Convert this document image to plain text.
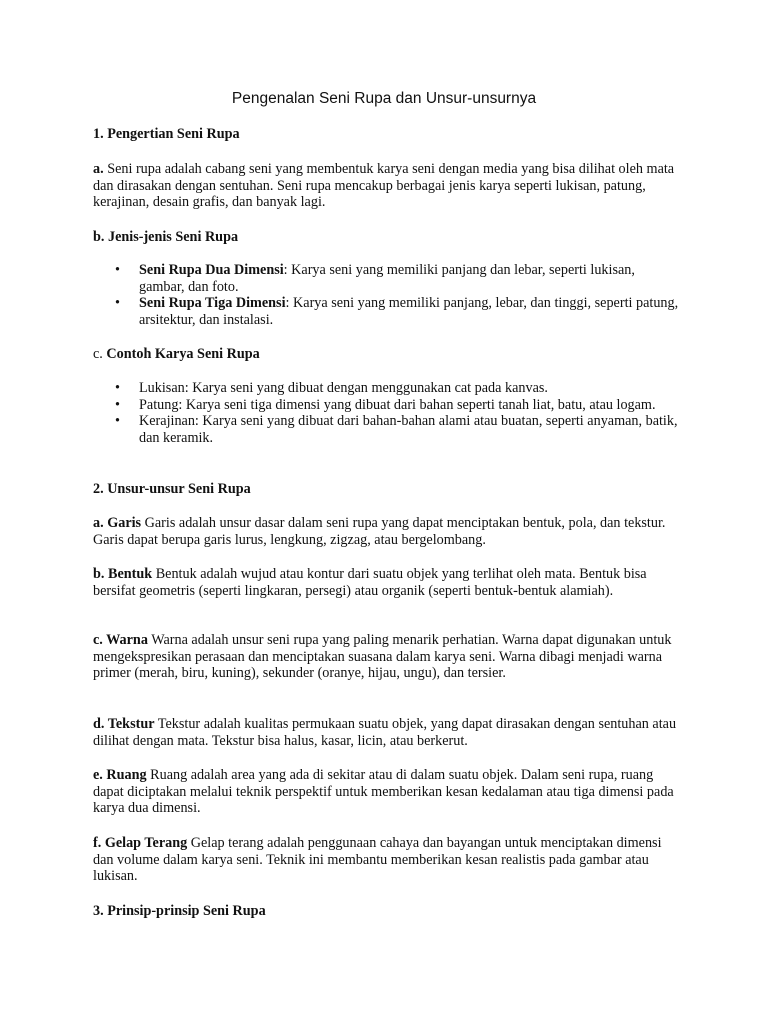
Pengenalan Seni Rupa dan Unsur-unsurnya

1. Pengertian Seni Rupa

a. Seni rupa adalah cabang seni yang membentuk karya seni dengan media yang bisa dilihat oleh mata dan dirasakan dengan sentuhan. Seni rupa mencakup berbagai jenis karya seperti lukisan, patung, kerajinan, desain grafis, dan banyak lagi.

b. Jenis-jenis Seni Rupa

• Seni Rupa Dua Dimensi: Karya seni yang memiliki panjang dan lebar, seperti lukisan, gambar, dan foto.
• Seni Rupa Tiga Dimensi: Karya seni yang memiliki panjang, lebar, dan tinggi, seperti patung, arsitektur, dan instalasi.

c. Contoh Karya Seni Rupa

• Lukisan: Karya seni yang dibuat dengan menggunakan cat pada kanvas.
• Patung: Karya seni tiga dimensi yang dibuat dari bahan seperti tanah liat, batu, atau logam.
• Kerajinan: Karya seni yang dibuat dari bahan-bahan alami atau buatan, seperti anyaman, batik, dan keramik.

2. Unsur-unsur Seni Rupa

a. Garis Garis adalah unsur dasar dalam seni rupa yang dapat menciptakan bentuk, pola, dan tekstur. Garis dapat berupa garis lurus, lengkung, zigzag, atau bergelombang.

b. Bentuk Bentuk adalah wujud atau kontur dari suatu objek yang terlihat oleh mata. Bentuk bisa bersifat geometris (seperti lingkaran, persegi) atau organik (seperti bentuk-bentuk alamiah).

c. Warna Warna adalah unsur seni rupa yang paling menarik perhatian. Warna dapat digunakan untuk mengekspresikan perasaan dan menciptakan suasana dalam karya seni. Warna dibagi menjadi warna primer (merah, biru, kuning), sekunder (oranye, hijau, ungu), dan tersier.

d. Tekstur Tekstur adalah kualitas permukaan suatu objek, yang dapat dirasakan dengan sentuhan atau dilihat dengan mata. Tekstur bisa halus, kasar, licin, atau berkerut.

e. Ruang Ruang adalah area yang ada di sekitar atau di dalam suatu objek. Dalam seni rupa, ruang dapat diciptakan melalui teknik perspektif untuk memberikan kesan kedalaman atau tiga dimensi pada karya dua dimensi.

f. Gelap Terang Gelap terang adalah penggunaan cahaya dan bayangan untuk menciptakan dimensi dan volume dalam karya seni. Teknik ini membantu memberikan kesan realistis pada gambar atau lukisan.

3. Prinsip-prinsip Seni Rupa
